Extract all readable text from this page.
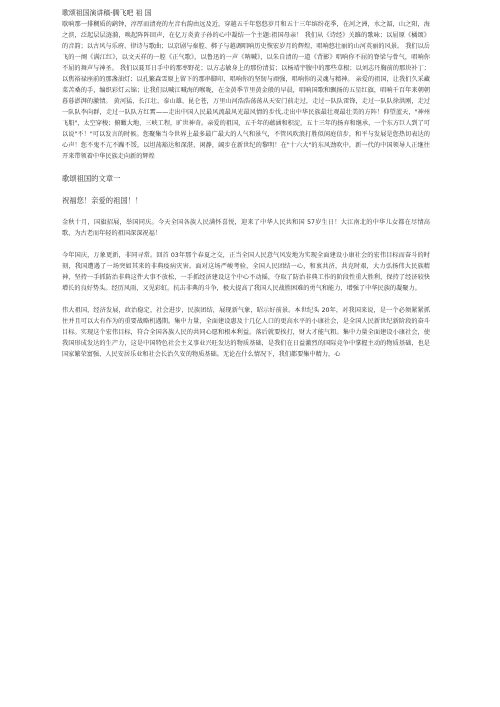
歌颂祖国演讲稿-腾飞吧 祖 国

歇响那一排稠质的鹞钟，淳厚而清亮的左音右韵由远及近，穿越五千年悠悠岁月和五十三年缤纷花季，在河之洲，水之湄，山之阳，海之滨，泛起层层涟漪，唤起阵阵回声，在亿万炎黄子孙的心中凝结一个主题:祖国母亲！ 我们从《诗经》关雎的歌咏；以屈原《橘颂》的音韵；以古风与乐府、律诗与歌曲；以京剧与秦腔、梆子与越调唱响历史恢宏岁月的辉煌，唱响悠壮丽的山河英丽的风景。 我们以岳飞的一阕《满江红》，以文天祥的一腔《正气歌》，以鲁迅的一声《呐喊》，以朱自清的一道《背影》唱响你不屈的脊梁与骨气，唱响你不屈的舞声与神圣。 我们以聂耳日手中的那枣野花；以方志敏身上的那份清贫；以杨靖宇腹中的那些草根；以刘志丹胸前的那块补丁；以焦裕禄座前的那盏油灯；以孔繁森雪原上留下的那串脚印，唱响你的坚韧与顽强，唱响你的灵魂与精神。 亲爱的祖国，让我们久采藏菜苦桑的手，编织彩灯云锦；让我们以喊江喊海的喉咙，在金黄季节里黄金般的早晨，唱响国歌和飘扬的五星红旗，唱响千百年来朝朝暮暮澎湃的激情。 黄河猛、长江壮、泰山雄、昆仑苍，万里山河浩浩荡荡从天安门前走过，走过一队队雷锋，走过一队队徐洪刚，走过一队队李向群，走过一队队方红霄——走出中国人民最风流最风光最风情的步伐,走出中华民族最壮观最壮美的方阵！仰望蓝天，"神州飞船"，太空穿梭；俯瞰大地、三峡工程，旷世神奇。亲爱的祖国，五千年的蕴涵和积淀，五十三年的扬弃和继承，一个东方巨人到了可以说"不！"可以发言的时候。您聚集当今世界上最多最广最大的人气和景气，不管风吹浪打胜似闲庭信步，和平与发展是您热切表达的心声！您不鬼不亢不躁不馁，以坦荡豁达和深湛、闲静，阔步在新世纪的黎明！在"十六大"的东风劲吹中，新一代的中国领导人正继往开来带领着中华民族走向新的辉煌

歌颂祖国的文章一

祝福您！亲爱的祖国！！

金秋十月，国旗招展，举国同庆。今天全国各族人民满怀喜悦，迎来了中华人民共和国 57岁生日！大江南北的中华儿女都在尽情高歌，为古老而年轻的祖国深深祝福！

今年国庆，万象更新，非同寻常。回首 03年那个春夏之交，正当全国人民意气风发地为实现全面建设小康社会的宏伟目标而奋斗的时刻，我国遭遇了一场突如其来的非典疫病灾害。面对这场严峻考验，全国人民团结一心，和衷共济，共克时艰，大力弘扬伟大民族精神，坚持一手抓防治非典这件大事不放松，一手抓经济建设这个中心不动摇，夺取了防治非典工作的阶段性重大胜利，保持了经济较快增长的良好势头。经历风雨，又见彩虹。抗击非典的斗争，极大提高了我国人民战胜困难的勇气和能力，增强了中华民族的凝聚力。

伟大祖国，经济发展，政治稳定，社会进步，民族团结，展现新气象，昭示好前景。本世纪头 20年，对我国来说，是一个必须紧紧抓住并且可以大有作为的重要战略机遇期。集中力量，全面建设惠及十几亿人口的更高水平的小康社会，是全国人民新世纪新阶段的奋斗目标。实现这个宏伟目标，符合全国各族人民的共同心愿和根本利益。落后就要挨打，财大才能气粗。集中力量全面建设小康社会，使我国形成发达的生产力，这是中国特色社会主义事业兴旺发达的物质基础，是我们在日益激烈的国际竞争中掌握主动的物质基础，也是国家繁荣富强、人民安居乐业和社会长治久安的物质基础。无论在什么情况下，我们都要集中精力，心
